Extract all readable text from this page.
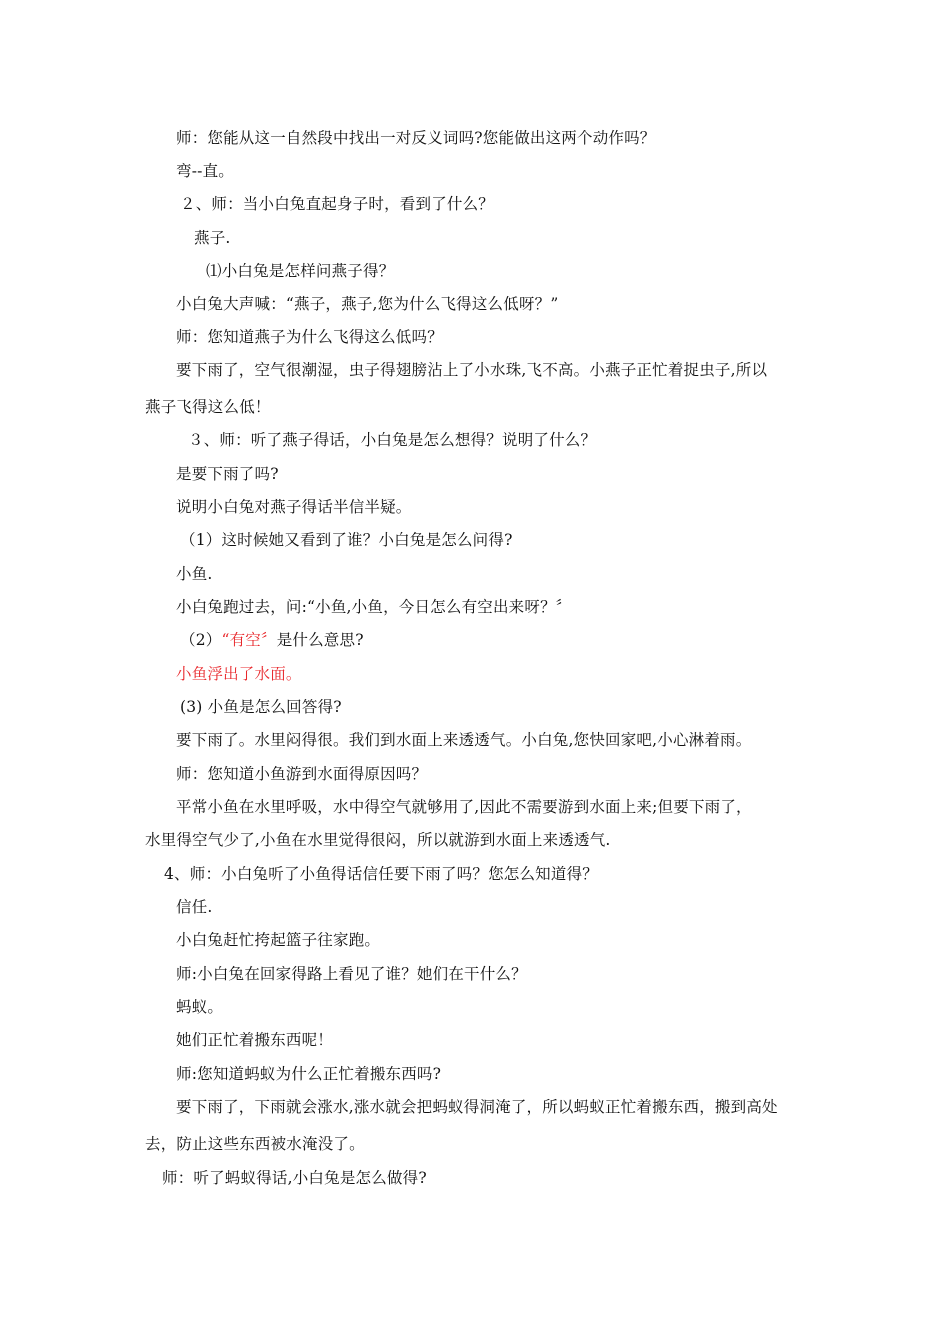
师：您能从这一自然段中找出一对反义词吗?您能做出这两个动作吗？
弯--直。
２、师：当小白兔直起身子时，看到了什么？
燕子.
⑴小白兔是怎样问燕子得？
小白兔大声喊：“燕子，燕子,您为什么飞得这么低呀？”
师：您知道燕子为什么飞得这么低吗？
要下雨了，空气很潮湿，虫子得翅膀沾上了小水珠,飞不高。小燕子正忙着捉虫子,所以
燕子飞得这么低！
３、师：听了燕子得话，小白兔是怎么想得？说明了什么？
是要下雨了吗?
说明小白兔对燕子得话半信半疑。
（1）这时候她又看到了谁？小白兔是怎么问得?
小鱼.
小白兔跑过去，问:“小鱼,小鱼，今日怎么有空出来呀？〞
（2）“有空〞是什么意思?
小鱼浮出了水面。
(3) 小鱼是怎么回答得?
要下雨了。水里闷得很。我们到水面上来透透气。小白兔,您快回家吧,小心淋着雨。
师：您知道小鱼游到水面得原因吗？
平常小鱼在水里呼吸，水中得空气就够用了,因此不需要游到水面上来;但要下雨了，
水里得空气少了,小鱼在水里觉得很闷，所以就游到水面上来透透气.
4、师：小白兔听了小鱼得话信任要下雨了吗？您怎么知道得？
信任.
小白兔赶忙挎起篮子往家跑。
师:小白兔在回家得路上看见了谁？她们在干什么？
蚂蚁。
她们正忙着搬东西呢！
师:您知道蚂蚁为什么正忙着搬东西吗?
要下雨了，下雨就会涨水,涨水就会把蚂蚁得洞淹了，所以蚂蚁正忙着搬东西，搬到高处
去，防止这些东西被水淹没了。
师：听了蚂蚁得话,小白兔是怎么做得?
